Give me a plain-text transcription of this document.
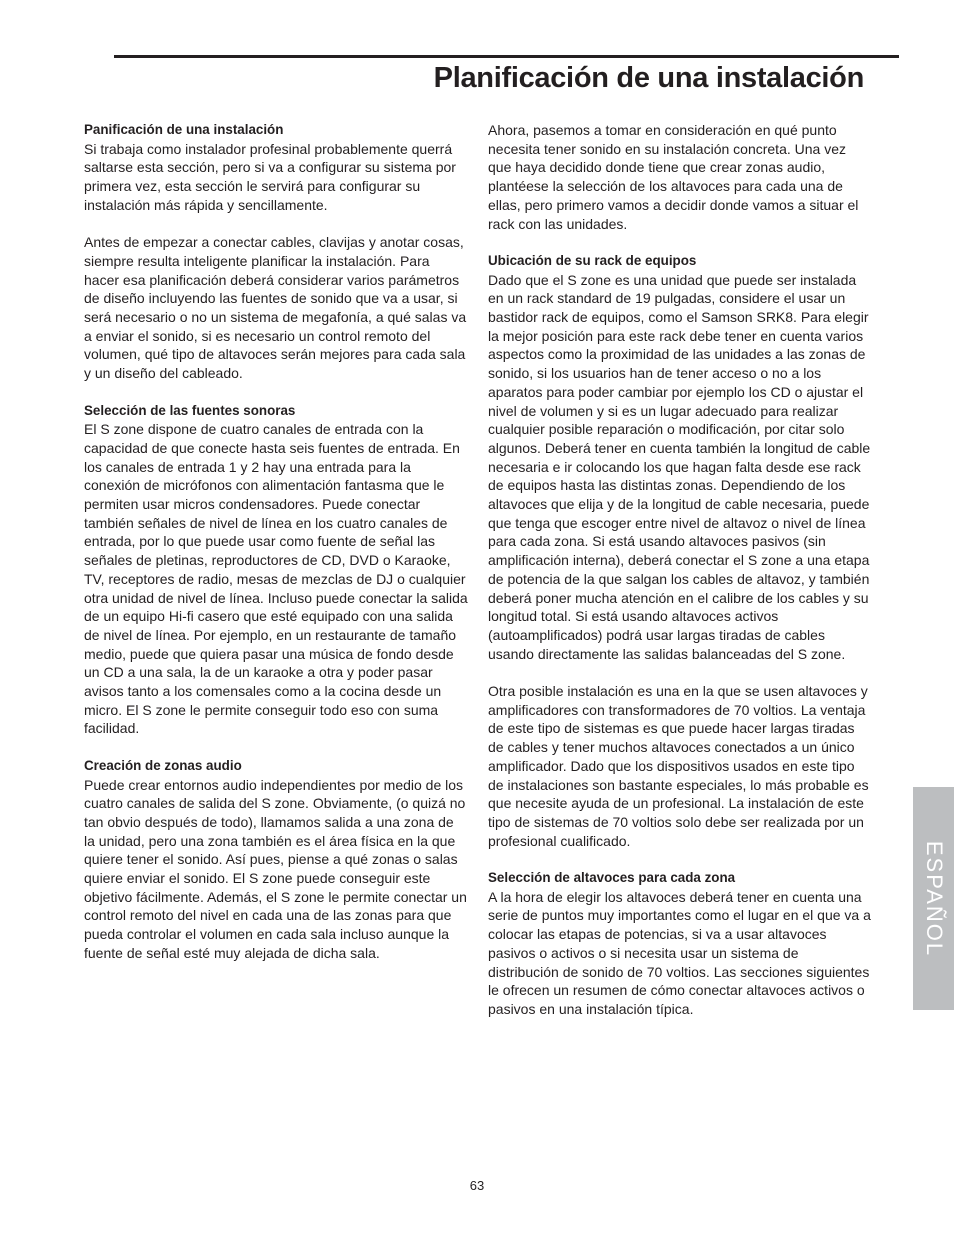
Planificación de una instalación

Panificación de una instalación

Si trabaja como instalador profesinal probablemente querrá saltarse esta sección, pero si va a configurar su sistema por primera vez, esta sección le servirá para configurar su instalación más rápida y sencillamente.

Antes de empezar a conectar cables, clavijas y anotar cosas, siempre resulta inteligente planificar la instalación. Para hacer esa planificación deberá considerar varios parámetros de diseño incluyendo las fuentes de sonido que va a usar, si será necesario o no un sistema de megafonía, a qué salas va a enviar el sonido, si es necesario un control remoto del volumen, qué tipo de altavoces serán mejores para cada sala y un diseño del cableado.

Selección de las fuentes sonoras

El S zone dispone de cuatro canales de entrada con la capacidad de que conecte hasta seis fuentes de entrada. En los canales de entrada 1 y 2 hay una entrada para la conexión de micrófonos con alimentación fantasma que le permiten usar micros condensadores. Puede conectar también señales de nivel de línea en los cuatro canales de entrada, por lo que puede usar como fuente de señal las señales de pletinas, reproductores de CD, DVD o Karaoke, TV, receptores de radio, mesas de mezclas de DJ o cualquier otra unidad de nivel de línea. Incluso puede conectar la salida de un equipo Hi-fi casero que esté equipado con una salida de nivel de línea. Por ejemplo, en un restaurante de tamaño medio, puede que quiera pasar una música de fondo desde un CD a una sala, la de un karaoke a otra y poder pasar avisos tanto a los comensales como a la cocina desde un micro. El S zone le permite conseguir todo eso con suma facilidad.

Creación de zonas audio

Puede crear entornos audio independientes por medio de los cuatro canales de salida del S zone. Obviamente, (o quizá no tan obvio después de todo), llamamos salida a una zona de la unidad, pero una zona también es el área física en la que quiere tener el sonido. Así pues, piense a qué zonas o salas quiere enviar el sonido. El S zone puede conseguir este objetivo fácilmente. Además, el S zone le permite conectar un control remoto del nivel en cada una de las zonas para que pueda controlar el volumen en cada sala incluso aunque la fuente de señal esté muy alejada de dicha sala.

Ahora, pasemos a tomar en consideración en qué punto necesita tener sonido en su instalación concreta. Una vez que haya decidido donde tiene que crear zonas audio, plantéese la selección de los altavoces para cada una de ellas, pero primero vamos a decidir donde vamos a situar el rack con las unidades.

Ubicación de su rack de equipos

Dado que el S zone es una unidad que puede ser instalada en un rack standard de 19 pulgadas, considere el usar un bastidor rack de equipos, como el Samson SRK8. Para elegir la mejor posición para este rack debe tener en cuenta varios aspectos como la proximidad de las unidades a las zonas de sonido, si los usuarios han de tener acceso o no a los aparatos para poder cambiar por ejemplo los CD o ajustar el nivel de volumen y si es un lugar adecuado para realizar cualquier posible reparación o modificación, por citar solo algunos. Deberá tener en cuenta también la longitud de cable necesaria e ir colocando los que hagan falta desde ese rack de equipos hasta las distintas zonas. Dependiendo de los altavoces que elija y de la longitud de cable necesaria, puede que tenga que escoger entre nivel de altavoz o nivel de línea para cada zona. Si está usando altavoces pasivos (sin amplificación interna), deberá conectar el S zone a una etapa de potencia de la que salgan los cables de altavoz, y también deberá poner mucha atención en el calibre de los cables y su longitud total. Si está usando altavoces activos (autoamplificados) podrá usar largas tiradas de cables usando directamente las salidas balanceadas del S zone.

Otra posible instalación es una en la que se usen altavoces y amplificadores con transformadores de 70 voltios. La ventaja de este tipo de sistemas es que puede hacer largas tiradas de cables y tener muchos altavoces conectados a un único amplificador. Dado que los dispositivos usados en este tipo de instalaciones son bastante especiales, lo más probable es que necesite ayuda de un profesional. La instalación de este tipo de sistemas de 70 voltios solo debe ser realizada por un profesional cualificado.

Selección de altavoces para cada zona

A la hora de elegir los altavoces deberá tener en cuenta una serie de puntos muy importantes como el lugar en el que va a colocar las etapas de potencias, si va a usar altavoces pasivos o activos o si necesita usar un sistema de distribución de sonido de 70 voltios. Las secciones siguientes le ofrecen un resumen de cómo conectar altavoces activos o pasivos en una instalación típica.

ESPAÑOL
63
